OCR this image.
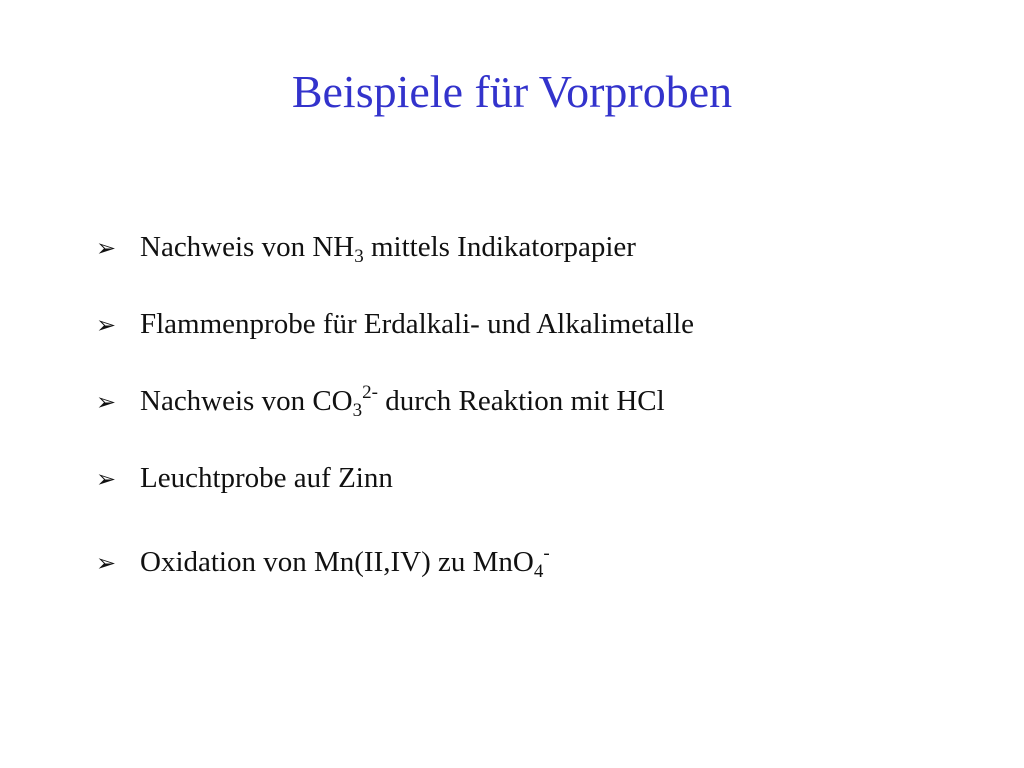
Beispiele für Vorproben
➢ Nachweis von $NH_3$ mittels Indikatorpapier
➢ Flammenprobe für Erdalkali- und Alkalimetalle
➢ Nachweis von $CO_3^{2-}$ durch Reaktion mit HCl
➢ Leuchtprobe auf Zinn
➢ Oxidation von Mn(II,IV) zu MnO$_4$-
